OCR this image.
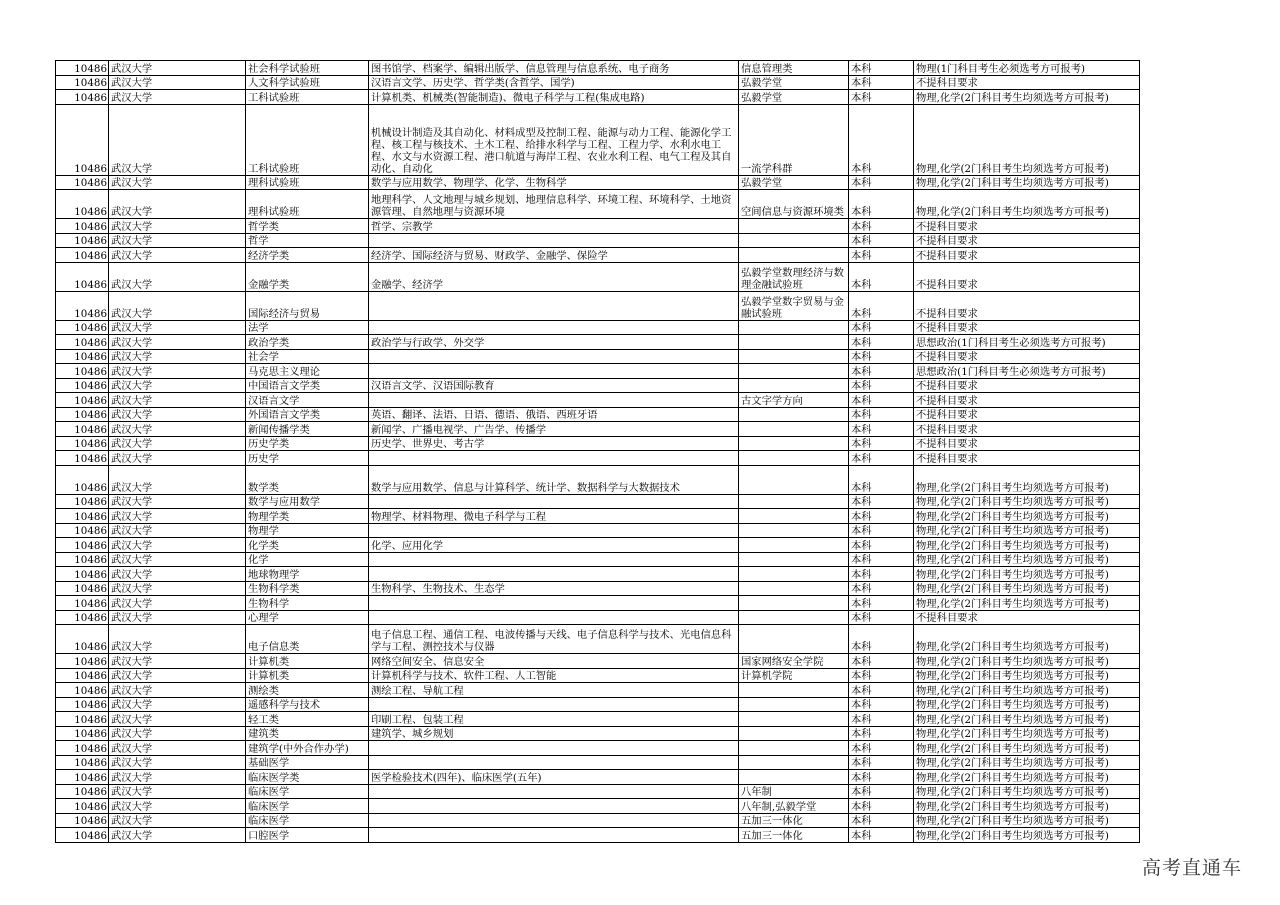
10486	武汉大学	社会科学试验班	图书馆学、档案学、编辑出版学、信息管理与信息系统、电子商务	信息管理类	本科	物理(1门科目考生必须选考方可报考)
10486	武汉大学	人文科学试验班	汉语言文学、历史学、哲学类(含哲学、国学)	弘毅学堂	本科	不提科目要求
10486	武汉大学	工科试验班	计算机类、机械类(智能制造)、微电子科学与工程(集成电路)	弘毅学堂	本科	物理,化学(2门科目考生均须选考方可报考)
10486	武汉大学	工科试验班	机械设计制造及其自动化、材料成型及控制工程、能源与动力工程、能源化学工程、核工程与核技术、土木工程、给排水科学与工程、工程力学、水利水电工程、水文与水资源工程、港口航道与海岸工程、农业水利工程、电气工程及其自动化、自动化	一流学科群	本科	物理,化学(2门科目考生均须选考方可报考)
10486	武汉大学	理科试验班	数学与应用数学、物理学、化学、生物科学	弘毅学堂	本科	物理,化学(2门科目考生均须选考方可报考)
10486	武汉大学	理科试验班	地理科学、人文地理与城乡规划、地理信息科学、环境工程、环境科学、土地资源管理、自然地理与资源环境	空间信息与资源环境类	本科	物理,化学(2门科目考生均须选考方可报考)
10486	武汉大学	哲学类	哲学、宗教学		本科	不提科目要求
10486	武汉大学	哲学			本科	不提科目要求
10486	武汉大学	经济学类	经济学、国际经济与贸易、财政学、金融学、保险学		本科	不提科目要求
10486	武汉大学	金融学类	金融学、经济学	弘毅学堂数理经济与数理金融试验班	本科	不提科目要求
10486	武汉大学	国际经济与贸易		弘毅学堂数字贸易与金融试验班	本科	不提科目要求
10486	武汉大学	法学			本科	不提科目要求
10486	武汉大学	政治学类	政治学与行政学、外交学		本科	思想政治(1门科目考生必须选考方可报考)
10486	武汉大学	社会学			本科	不提科目要求
10486	武汉大学	马克思主义理论			本科	思想政治(1门科目考生必须选考方可报考)
10486	武汉大学	中国语言文学类	汉语言文学、汉语国际教育		本科	不提科目要求
10486	武汉大学	汉语言文学		古文字学方向	本科	不提科目要求
10486	武汉大学	外国语言文学类	英语、翻译、法语、日语、德语、俄语、西班牙语		本科	不提科目要求
10486	武汉大学	新闻传播学类	新闻学、广播电视学、广告学、传播学		本科	不提科目要求
10486	武汉大学	历史学类	历史学、世界史、考古学		本科	不提科目要求
10486	武汉大学	历史学			本科	不提科目要求
10486	武汉大学	数学类	数学与应用数学、信息与计算科学、统计学、数据科学与大数据技术		本科	物理,化学(2门科目考生均须选考方可报考)
10486	武汉大学	数学与应用数学			本科	物理,化学(2门科目考生均须选考方可报考)
10486	武汉大学	物理学类	物理学、材料物理、微电子科学与工程		本科	物理,化学(2门科目考生均须选考方可报考)
10486	武汉大学	物理学			本科	物理,化学(2门科目考生均须选考方可报考)
10486	武汉大学	化学类	化学、应用化学		本科	物理,化学(2门科目考生均须选考方可报考)
10486	武汉大学	化学			本科	物理,化学(2门科目考生均须选考方可报考)
10486	武汉大学	地球物理学			本科	物理,化学(2门科目考生均须选考方可报考)
10486	武汉大学	生物科学类	生物科学、生物技术、生态学		本科	物理,化学(2门科目考生均须选考方可报考)
10486	武汉大学	生物科学			本科	物理,化学(2门科目考生均须选考方可报考)
10486	武汉大学	心理学			本科	不提科目要求
10486	武汉大学	电子信息类	电子信息工程、通信工程、电波传播与天线、电子信息科学与技术、光电信息科学与工程、测控技术与仪器		本科	物理,化学(2门科目考生均须选考方可报考)
10486	武汉大学	计算机类	网络空间安全、信息安全	国家网络安全学院	本科	物理,化学(2门科目考生均须选考方可报考)
10486	武汉大学	计算机类	计算机科学与技术、软件工程、人工智能	计算机学院	本科	物理,化学(2门科目考生均须选考方可报考)
10486	武汉大学	测绘类	测绘工程、导航工程		本科	物理,化学(2门科目考生均须选考方可报考)
10486	武汉大学	遥感科学与技术			本科	物理,化学(2门科目考生均须选考方可报考)
10486	武汉大学	轻工类	印刷工程、包装工程		本科	物理,化学(2门科目考生均须选考方可报考)
10486	武汉大学	建筑类	建筑学、城乡规划		本科	物理,化学(2门科目考生均须选考方可报考)
10486	武汉大学	建筑学(中外合作办学)			本科	物理,化学(2门科目考生均须选考方可报考)
10486	武汉大学	基础医学			本科	物理,化学(2门科目考生均须选考方可报考)
10486	武汉大学	临床医学类	医学检验技术(四年)、临床医学(五年)		本科	物理,化学(2门科目考生均须选考方可报考)
10486	武汉大学	临床医学		八年制	本科	物理,化学(2门科目考生均须选考方可报考)
10486	武汉大学	临床医学		八年制,弘毅学堂	本科	物理,化学(2门科目考生均须选考方可报考)
10486	武汉大学	临床医学		五加三一体化	本科	物理,化学(2门科目考生均须选考方可报考)
10486	武汉大学	口腔医学		五加三一体化	本科	物理,化学(2门科目考生均须选考方可报考)
高考直通车
